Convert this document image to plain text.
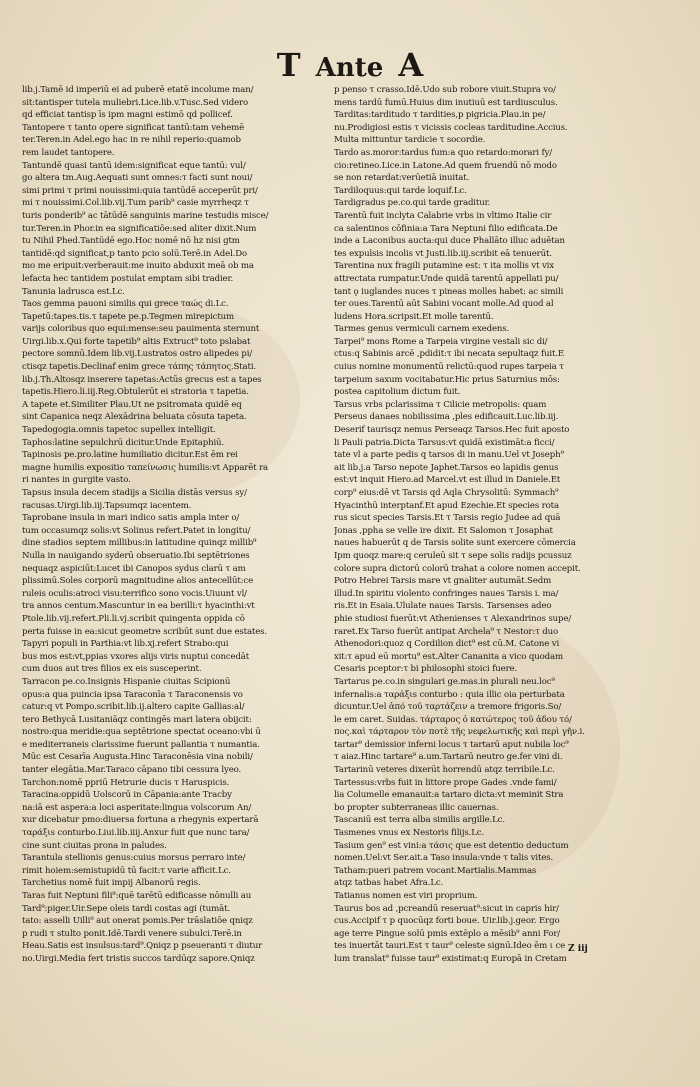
T Ante A
lib.j.Tamē id imperiū ei ad puberē etatē incolume man/
sit:tantisper tutela muliebri.Lice.lib.v.Tusc.Sed videro
qd efficiat tantisp īs ipm magni estimō qd pollicef.
Tantopere τ tanto opere significat tantū:tam vehemē
ter.Teren.in Adel.ego hac in re nihil reperio:quamob
rem laudet tantopere.
Tantundē quasi tantū idem:significat eque tantū: vul/
go altera tm.Aug.Aequati sunt omnes:τ facti sunt noui/
simi primi τ primi nouissimi:quia tantūdē acceperūt pri/
mi τ nouissimi.Col.lib.vij.Tum parib⁹ casie myrrheqz τ
turis ponderib⁹ ac tātūdē sanguinis marine testudis misce/
tur.Teren.in Phor.in ea significatiōe:sed aliter dixit.Num
tu Nihil Phed.Tantūdē ego.Hoc nomē nō hz nisi gtm
tantidē:qd significat,p tanto pcio solū.Terē.in Adel.Do
mo me eripuit:verberauit:me inuito abduxit meā ob ma
lefacta hec tantidem postulat emptam sibi tradier.
Tanunia ladrusca est.Lc.
Taos gemma pauoni similis qui grece ταώς di.Lc.
Tapetū:tapes.tis.τ tapete pe.p.Tegmen mirepictum
varijs coloribus quo equi:mense:seu pauimenta sternunt
Uirgi.lib.x.Qui forte tapetib⁹ altis Extruct⁹ toto pslabat
pectore somnū.Idem lib.vij.Lustratos ostro alipedes pi/
ctisqz tapetis.Declinaf enim grece τάπης τάπητος.Stati.
lib.j.Th.Altosqz inserere tapetas:Actūs grecus est a tapes
tapetis.Hiero.li.iij.Reg.Obtulerūt ei stratoria τ tapetia.
A tapete et.Similiter Plau.Ut ne psitromata quidē eq
sint Capanica neqz Alexādrina beluata cōsuta tapeta.
Tapedogogia.omnis tapetoc supellex intelligit.
Taphos:latine sepulchrū dicitur.Unde Epitaphiū.
Tapinosis pe.pro.latine humiliatio dicitur.Est ēm rei
magne humilis expositio ταπείνωσις humilis:vt Apparēt ra
ri nantes in gurgite vasto.
Tapsus insula decem stadijs a Sicilia distās versus sy/
racusas.Uirgi.lib.iij.Tapsumqz iacentem.
Taprobane insula in mari indico satis ampla inter o/
tum occasumqz solis:vt Solinus refert.Patet in longitu/
dine stadios septem millibus:in latitudine quinqz millib⁹
Nulla in nauigando syderū obseruatio.Ibi septētriones
nequaqz aspiciūt:Lucet ibi Canopos sydus clarū τ am
plissimū.Soles corporū magnitudine alios antecellūt:ce
ruleis oculis:atroci visu:terrifico sono vocis.Uiuunt vl/
tra annos centum.Mascuntur in ea berilli:τ hyacinthi:vt
Ptole.lib.vij.refert.Pli.li.vj.scribit quingenta oppida cō
perta fuisse in ea:sicut geometre scribūt sunt due estates.
Tapyri populi in Parthia:vt lib.xj.refert Strabo:qui
bus mos est:vt,ppias vxores alijs viris nuptui concedāt
cum duos aut tres filios ex eis susceperint.
Tarracon pe.co.Insignis Hispanie ciuitas Scipionū
opus:a qua puincia ipsa Taraconīa τ Taraconensis vo
catur:q vt Pompo.scribit.lib.ij.altero capite Gallias:al/
tero Bethycā Lusitaniāqz contingēs mari latera obijcit:
nostro:qua meridie:qua septētrione spectat oceano:vbi ū
e mediterraneis clarissime fuerunt pallantia τ numantia.
Mūc est Cesarīa Augusta.Hinc Taraconēsia vina nobili/
tanter elegātia.Mar.Taraco cāpano tibi cessura lyeo.
Tarchon:nomē ppriū Hetrurie ducis τ Haruspicis.
Taracina:oppidū Uolscorū in Cāpania:ante Tracby
na:iā est aspera:a loci asperitate:lingua volscorum An/
xur dicebatur pmo:diuersa fortuna a rhegynis expertarā
ταράξιs conturbo.Liui.lib.iiij.Anxur fuit que nunc tara/
cine sunt ciuitas prona in paludes.
Tarantula stellionis genus:cuius morsus perraro inte/
rimit hoiem:semistupidū tū facit:τ varie afficit.Lc.
Tarchetius nomē fuit impij Albanorū regis.
Taras fuit Neptuni fili⁹:quē tarētū edificasse nōnulli au
Tard⁹:piger.Uir.Sepe oleis tardi costas agi (tumāt.
tato: asselli Uilli⁹ aut onerat pomis.Per trāslatiōe qniqz
p rudi τ stulto ponit.Idē.Tardi venere subulci.Terē.in
Heau.Satis est insulsus:tard⁹.Qniqz p pseueranti τ diutur
no.Uirgi.Media fert tristis succos tardūqz sapore.Qniqz
p penso τ crasso.Idē.Udo sub robore viuit.Stupra vo/
mens tardū fumū.Huius dim inutiuū est tardiusculus.
Tarditas:tarditudo τ tardities,p pigricia.Plau.in pe/
nu.Prodigiosi estis τ vicissis cocleas tarditudine.Accius.
Multa mittuntur tardicie τ socordie.
Tardo as.moror:tardus fum:a quo retardo:morari fy/
cio:retineo.Lice.in Latone.Ad quem fruendū nō modo
se non retardat:verūetiā inuitat.
Tardiloquus:qui tarde loquif.Lc.
Tardigradus pe.co.qui tarde graditur.
Tarentū fuit inclyta Calabrie vrbs in vltimo Italie cir
ca salentinos cōfinia:a Tara Neptuni filio edificata.De
inde a Laconibus aucta:qui duce Phallāto illuc aduētan
tes expulsis incolis vt Justi.lib.iij.scribit eā tenuerūt.
Tarentina nux fragili putamine est: τ ita mollis vt vix
attrectata rumpatur.Unde quidā tarentū appellati pu/
tant ǫ iuglandes nuces τ pineas molles habet: ac simili
ter oues.Tarentū aūt Sabini vocant molle.Ad quod al
ludens Hora.scripsit.Et molle tarentū.
Tarmes genus vermiculi carnem exedens.
Tarpei⁹ mons Rome a Tarpeia virgine vestali sic di/
ctus:q Sabinis arcē ,pdidit:τ ibi necata sepultaqz fuit.E
cuius nomine monumentū relictū:quod rupes tarpeia τ
tarpeium saxum vocitabatur.Hic prius Saturnius mōs:
postea capitolium dictum fuit.
Tarsus vrbs pclarissima τ Cilicie metropolis: quam
Perseus danaes nobilissima ,ples edificauit.Luc.lib.iij.
Deserif taurisqz nemus Perseaqz Tarsos.Hec fuit aposto
li Pauli patria.Dicta Tarsus:vt quidā existimāt:a ficci/
tate vl a parte pedis q tarsos di in manu.Uel vt Joseph⁹
ait lib.j.a Tarso nepote Japhet.Tarsos eo lapidis genus
est:vt inquit Hiero.ad Marcel.vt est illud in Daniele.Et
corp⁹ eius:dē vt Tarsis qd Aqla Chrysolitū: Symmach⁹
Hyacinthū interptanf.Et apud Ezechie.Et species rota
rus sicut species Tarsis.Et τ Tarsis regio Judee ad quā
Jonas ,ppha se velle ire dixit. Et Salomon τ Josaphat
naues habuerūt q de Tarsis solite sunt exercere cōmercia
Ipm quoqz mare:q ceruleū sit τ sepe solis radijs pcussuz
colore supra dictorū colorū trahat a colore nomen accepit.
Potro Hebrei Tarsis mare vt gnaliter autumāt.Sedm
illud.In spiritu violento confringes naues Tarsis i. ma/
ris.Et in Esaia.Ululate naues Tarsis. Tarsenses adeo
phie studiosi fuerūt:vt Athenienses τ Alexandrinos supe/
raret.Ex Tarso fuerūt antipat Archela⁹ τ Nestor:τ duo
Athenodori:quoz q Cordilion dict⁹ est cū.M. Catone vi
xit:τ apud eū mortu⁹ est.Alter Cananita a vico quodam
Cesaris pceptor:τ bi philosophi stoici fuere.
Tartarus pe.co.in singulari ge.mas.in plurali neu.loc⁹
infernalis:a ταράξιs conturbo : quia illic oia perturbata
dicuntur.Uel ἀπό τοῦ ταρτάζειν a tremore frigoris.So/
le em caret. Suidas. τάρταρος ὁ κατώτερος τοῦ ἀδου τό/
πος.καὶ τάρταρον τὸν ποτὲ τῆς νεφελωτικῆς καὶ περὶ γῆν.i.
tartar⁹ demissior inferni locus τ tartarū aput nubila loc⁹
τ aiaz.Hinc tartare⁹ a.um.Tartarū neutro ge.fer vini di.
Tartarinū veteres dixerūt horrendū atqz terribile.Lc.
Tartessus:vrbs fuit in littore prope Gades .vnde fami/
lia Columelle emanauit:a tartaro dicta:vt meminit Stra
bo propter subterraneas illic cauernas.
Tascaniū est terra alba similis argille.Lc.
Tasmenes vnus ex Nestoris filijs.Lc.
Tasium gen⁹ est vini:a τάσις que est detentio deductum
nomen.Uel:vt Ser.ait.a Taso insula:vnde τ talis vites.
Tatham:pueri patrem vocant.Martialis.Mammas
atqz tatbas habet Afra.Lc.
Tatianus nomen est viri proprium.
Taurus bos ad ,pcreandū reseruat⁹:sicut in capris hir/
cus.Accipif τ p quocūqz forti boue. Uir.lib.j.geor. Ergo
age terre Pingue solū pmis extēplo a mēsib⁹ anni For/
tes inuertāt tauri.Est τ taur⁹ celeste signū.Ideo ēm ι ce
lum translat⁹ fuisse taur⁹ existimat:q Europā in Cretam
Z iij
